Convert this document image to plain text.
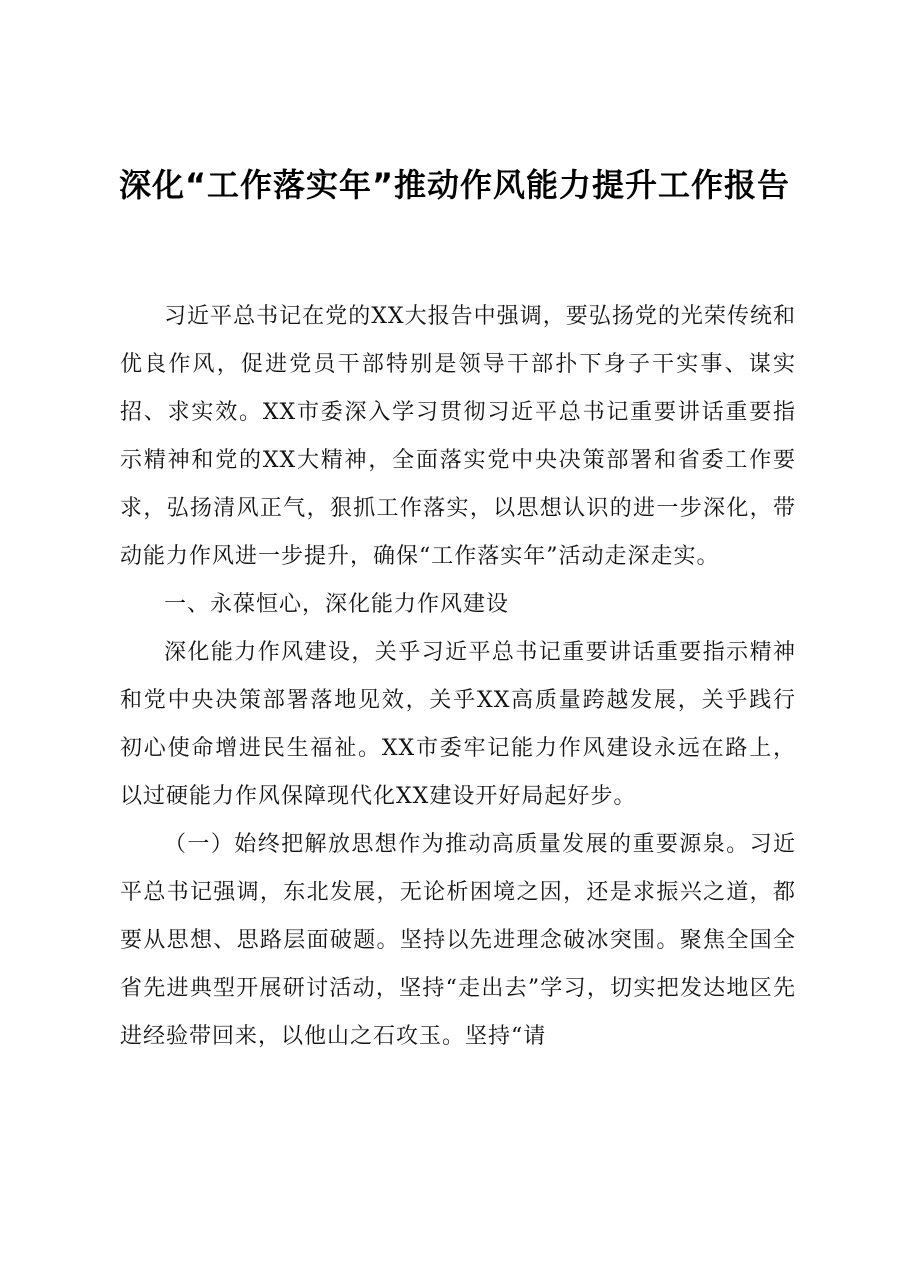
深化“工作落实年”推动作风能力提升工作报告

习近平总书记在党的XX大报告中强调，要弘扬党的光荣传统和优良作风，促进党员干部特别是领导干部扑下身子干实事、谋实招、求实效。XX市委深入学习贯彻习近平总书记重要讲话重要指示精神和党的XX大精神，全面落实党中央决策部署和省委工作要求，弘扬清风正气，狠抓工作落实，以思想认识的进一步深化，带动能力作风进一步提升，确保“工作落实年”活动走深走实。

一、永葆恒心，深化能力作风建设

深化能力作风建设，关乎习近平总书记重要讲话重要指示精神和党中央决策部署落地见效，关乎XX高质量跨越发展，关乎践行初心使命增进民生福祉。XX市委牢记能力作风建设永远在路上，以过硬能力作风保障现代化XX建设开好局起好步。

（一）始终把解放思想作为推动高质量发展的重要源泉。习近平总书记强调，东北发展，无论析困境之因，还是求振兴之道，都要从思想、思路层面破题。坚持以先进理念破冰突围。聚焦全国全省先进典型开展研讨活动，坚持“走出去”学习，切实把发达地区先进经验带回来，以他山之石攻玉。坚持“请
